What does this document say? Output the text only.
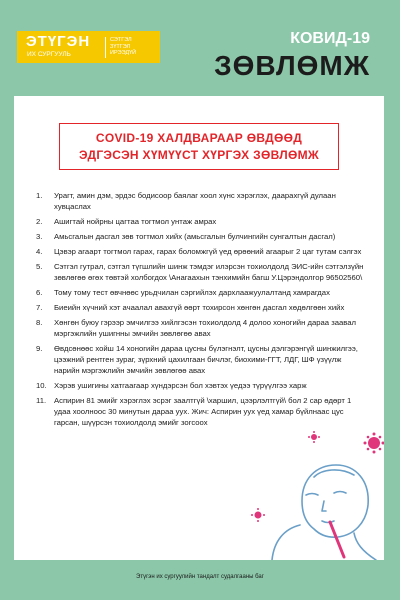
ЭТҮГЭН
ИХ СУРГУУЛЬ
СЭТГЭЛ
ЗҮТГЭЛ
ИРЭЭДҮЙ
КОВИД-19
ЗӨВЛӨМЖ
COVID-19 ХАЛДВАРААР ӨВДӨӨД
ЭДГЭСЭН ХҮМҮҮСТ ХҮРГЭХ ЗӨВЛӨМЖ
1. Урагт, амин дэм, эрдэс бодисоор баялаг хоол хүнс хэрэглэх, даарахгүй дулаан хувцаслах
2. Ашигтай нойрны цагтаа тогтмол унтаж амрах
3. Амьсгалын дасгал зөв тогтмол хийх (амьсгалын булчингийн сунгалтын дасгал)
4. Цэвэр агаарт тогтмол гарах, гарах боломжгүй үед өрөөний агаарыг 2 цаг тутам сэлгэх
5. Сэтгэл гутрал, сэтгэл түгшлийн шинж тэмдэг илэрсэн тохиолдолд ЭИС-ийн сэтгэлзүйн зөвлөгөө өгөх төвтэй холбогдох \Анагаахын тэнхимийн багш У.Цэрэндолгор 96502560\
6. Тому тому тест өвчнөөс урьдчилан сэргийлэх дархлаажуулалтанд хамрагдах
7. Биеийн хүчний хэт ачаалал авахгүй өөрт тохирсон хөнгөн дасгал хөдөлгөөн хийх
8. Хөнгөн буюу гэрээр эмчилгээ хийлгэсэн тохиолдолд 4 долоо хоногийн дараа заавал мэргэжлийн ушигнны эмчийн зөвлөгөө авах
9. Өвдсөнөөс хойш 14 хоногийн дараа цусны бүлэгнэлт, цусны дэлгэрэнгүй шинжилгээ, цээжний рентген зураг, зүрхний цахилгаан бичлэг, биохими-ГГТ, ЛДГ, ШФ үзүүлж нарийн мэргэжлийн эмчийн зөвлөгөө авах
10. Хэрэв ушигины хатгаагаар хүндэрсэн бол хэвтэх үедээ түрүүлгээ харж
11. Аспирин 81 эмийг хэрэглэх эсрэг заалтгүй \харшил, цээрлэлтгүй\ бол 2 сар өдөрт 1 удаа хоолноос 30 минутын дараа уух. Жич: Аспирин уух үед хамар бүйлнаас цус гарсан, шүүрсэн тохиолдолд эмийг зогсоох
Этүгэн их сургуулийн тандалт судалгааны баг
